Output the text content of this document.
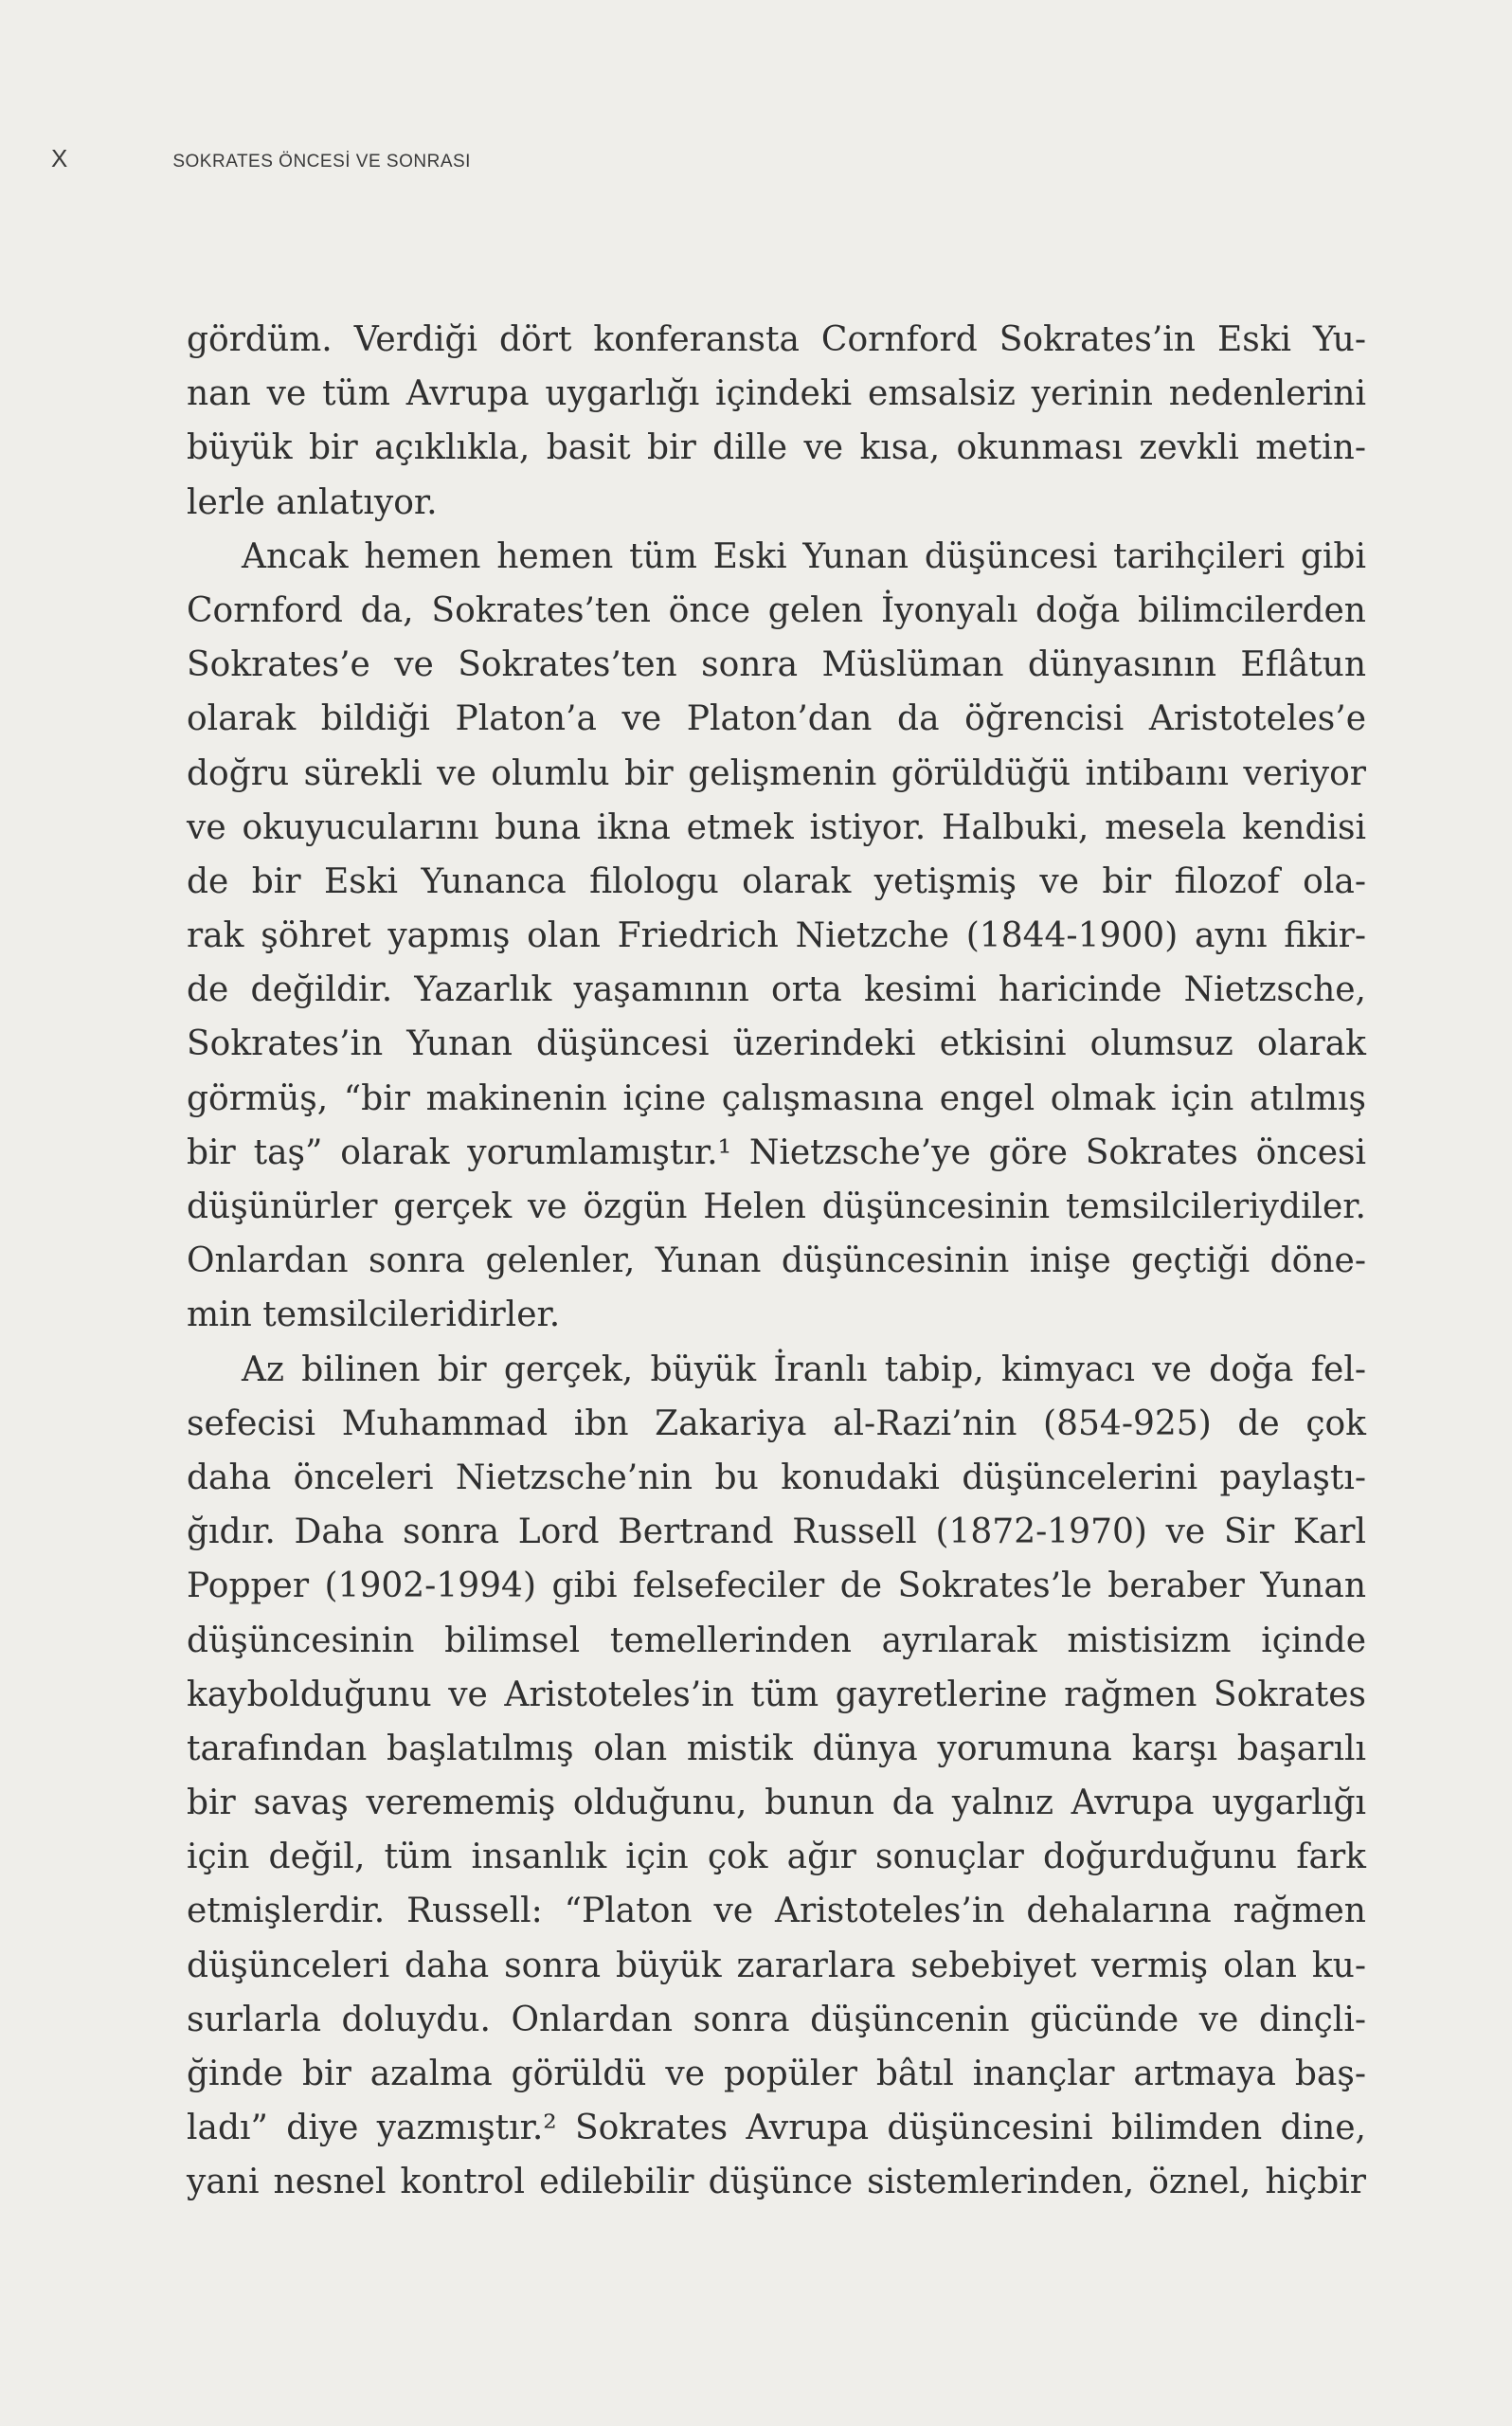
X	SOKRATES ÖNCESİ VE SONRASI

gördüm. Verdiği dört konferansta Cornford Sokrates’in Eski Yu-
nan ve tüm Avrupa uygarlığı içindeki emsalsiz yerinin nedenlerini
büyük bir açıklıkla, basit bir dille ve kısa, okunması zevkli metin-
lerle anlatıyor.

Ancak hemen hemen tüm Eski Yunan düşüncesi tarihçileri gibi
Cornford da, Sokrates’ten önce gelen İyonyalı doğa bilimcilerden
Sokrates’e ve Sokrates’ten sonra Müslüman dünyasının Eflâtun
olarak bildiği Platon’a ve Platon’dan da öğrencisi Aristoteles’e
doğru sürekli ve olumlu bir gelişmenin görüldüğü intibaını veriyor
ve okuyucularını buna ikna etmek istiyor. Halbuki, mesela kendisi
de bir Eski Yunanca filologu olarak yetişmiş ve bir filozof ola-
rak şöhret yapmış olan Friedrich Nietzche (1844-1900) aynı fikir-
de değildir. Yazarlık yaşamının orta kesimi haricinde Nietzsche,
Sokrates’in Yunan düşüncesi üzerindeki etkisini olumsuz olarak
görmüş, “bir makinenin içine çalışmasına engel olmak için atılmış
bir taş” olarak yorumlamıştır.¹ Nietzsche’ye göre Sokrates öncesi
düşünürler gerçek ve özgün Helen düşüncesinin temsilcileriydiler.
Onlardan sonra gelenler, Yunan düşüncesinin inişe geçtiği döne-
min temsilcileridirler.

Az bilinen bir gerçek, büyük İranlı tabip, kimyacı ve doğa fel-
sefecisi Muhammad ibn Zakariya al-Razi’nin (854-925) de çok
daha önceleri Nietzsche’nin bu konudaki düşüncelerini paylaştı-
ğıdır. Daha sonra Lord Bertrand Russell (1872-1970) ve Sir Karl
Popper (1902-1994) gibi felsefeciler de Sokrates’le beraber Yunan
düşüncesinin bilimsel temellerinden ayrılarak mistisizm içinde
kaybolduğunu ve Aristoteles’in tüm gayretlerine rağmen Sokrates
tarafından başlatılmış olan mistik dünya yorumuna karşı başarılı
bir savaş verememiş olduğunu, bunun da yalnız Avrupa uygarlığı
için değil, tüm insanlık için çok ağır sonuçlar doğurduğunu fark
etmişlerdir. Russell: “Platon ve Aristoteles’in dehalarına rağmen
düşünceleri daha sonra büyük zararlara sebebiyet vermiş olan ku-
surlarla doluydu. Onlardan sonra düşüncenin gücünde ve dinçli-
ğinde bir azalma görüldü ve popüler bâtıl inançlar artmaya baş-
ladı” diye yazmıştır.² Sokrates Avrupa düşüncesini bilimden dine,
yani nesnel kontrol edilebilir düşünce sistemlerinden, öznel, hiçbir
